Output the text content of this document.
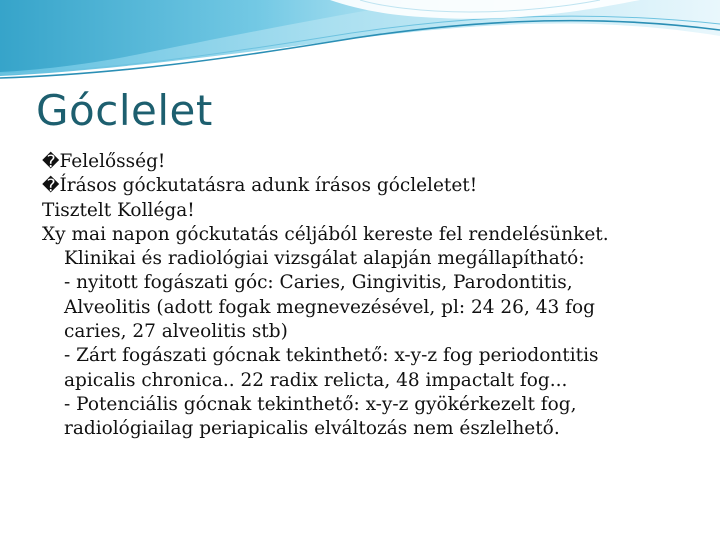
Góclelet
�Felelősség!
�Írásos góckutatásra adunk írásos gócleletet!
Tisztelt Kolléga!
Xy mai napon góckutatás céljából kereste fel rendelésünket.
Klinikai és radiológiai vizsgálat alapján megállapítható:
- nyitott fogászati góc: Caries, Gingivitis, Parodontitis,
Alveolitis (adott fogak megnevezésével, pl: 24 26, 43 fog
caries, 27 alveolitis stb)
- Zárt fogászati gócnak tekinthető: x-y-z fog periodontitis
apicalis chronica.. 22 radix relicta, 48 impactalt fog...
- Potenciális gócnak tekinthető: x-y-z gyökérkezelt fog,
radiológiailag periapicalis elváltozás nem észlelhető.
